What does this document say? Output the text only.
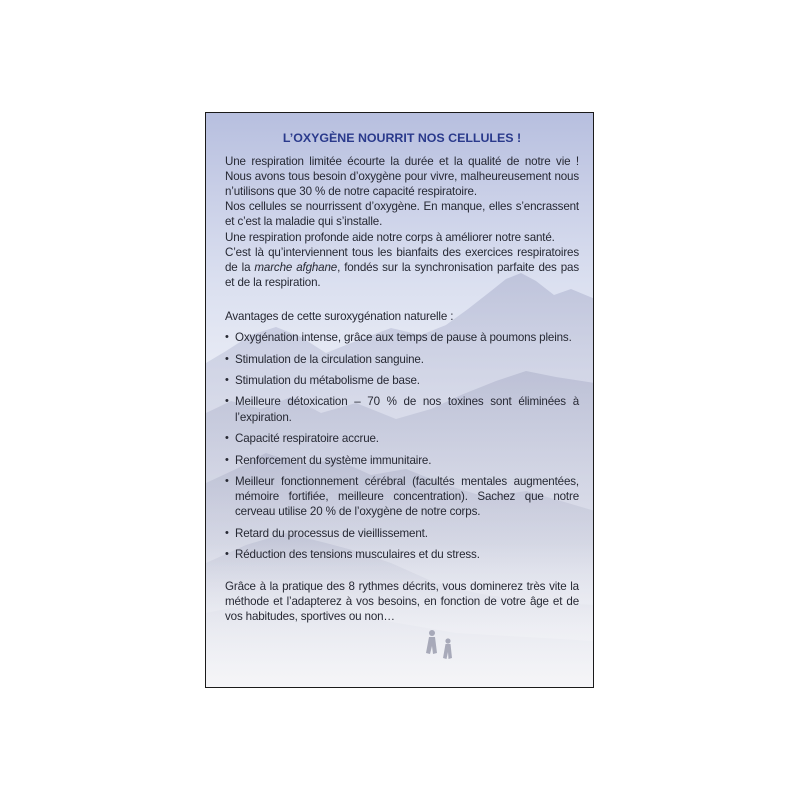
L’OXYGÈNE NOURRIT NOS CELLULES !

Une respiration limitée écourte la durée et la qualité de notre vie ! Nous avons tous besoin d’oxygène pour vivre, malheureusement nous n’utilisons que 30 % de notre capacité respiratoire.

Nos cellules se nourrissent d’oxygène. En manque, elles s’encrassent et c’est la maladie qui s’installe.

Une respiration profonde aide notre corps à améliorer notre santé.

C’est là qu’interviennent tous les bianfaits des exercices respiratoires de la marche afghane, fondés sur la synchronisation parfaite des pas et de la respiration.

Avantages de cette suroxygénation naturelle :
• Oxygénation intense, grâce aux temps de pause à poumons pleins.
• Stimulation de la circulation sanguine.
• Stimulation du métabolisme de base.
• Meilleure détoxication – 70 % de nos toxines sont éliminées à l’expiration.
• Capacité respiratoire accrue.
• Renforcement du système immunitaire.
• Meilleur fonctionnement cérébral (facultés mentales augmentées, mémoire fortifiée, meilleure concentration). Sachez que notre cerveau utilise 20 % de l’oxygène de notre corps.
• Retard du processus de vieillissement.
• Réduction des tensions musculaires et du stress.

Grâce à la pratique des 8 rythmes décrits, vous dominerez très vite la méthode et l’adapterez à vos besoins, en fonction de votre âge et de vos habitudes, sportives ou non…
